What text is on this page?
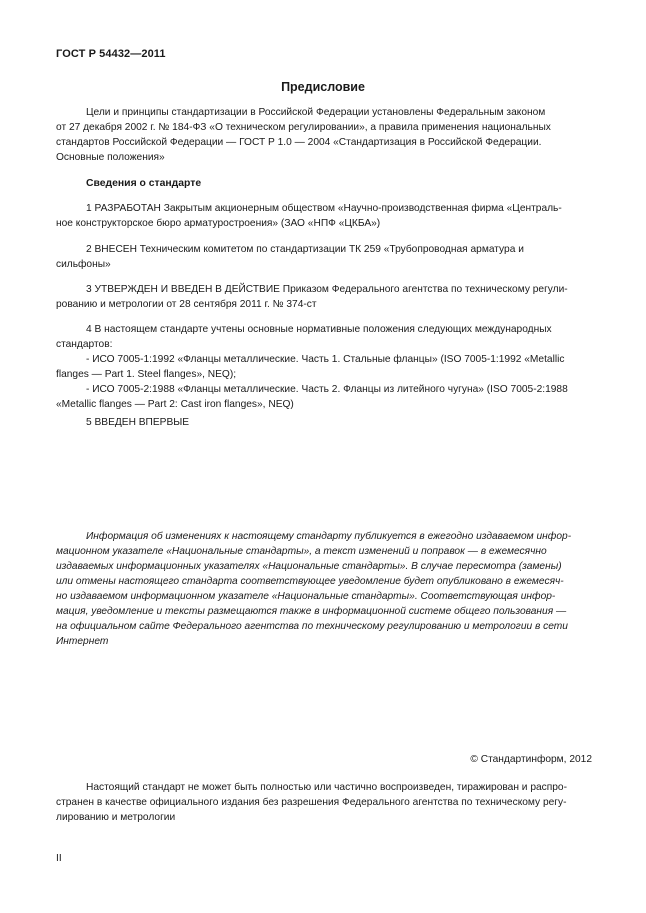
ГОСТ Р 54432—2011
Предисловие

Цели и принципы стандартизации в Российской Федерации установлены Федеральным законом

от 27 декабря 2002 г. № 184-ФЗ «О техническом регулировании», а правила применения национальных

стандартов Российской Федерации — ГОСТ Р 1.0 — 2004 «Стандартизация в Российской Федерации.

Основные положения»

Сведения о стандарте

1 РАЗРАБОТАН Закрытым акционерным обществом «Научно-производственная фирма «Централь-

ное конструкторское бюро арматуростроения» (ЗАО «НПФ «ЦКБА»)

2 ВНЕСЕН Техническим комитетом по стандартизации ТК 259 «Трубопроводная арматура и

сильфоны»

3 УТВЕРЖДЕН И ВВЕДЕН В ДЕЙСТВИЕ Приказом Федерального агентства по техническому регули-

рованию и метрологии от 28 сентября 2011 г. № 374-ст

4 В настоящем стандарте учтены основные нормативные положения следующих международных

стандартов:

- ИСО 7005-1:1992 «Фланцы металлические. Часть 1. Стальные фланцы» (ISO 7005-1:1992 «Metallic

flanges — Part 1. Steel flanges», NEQ);

- ИСО 7005-2:1988 «Фланцы металлические. Часть 2. Фланцы из литейного чугуна» (ISO 7005-2:1988

«Metallic flanges — Part 2: Cast iron flanges», NEQ)

5 ВВЕДЕН ВПЕРВЫЕ

Информация об изменениях к настоящему стандарту публикуется в ежегодно издаваемом инфор-

мационном указателе «Национальные стандарты», а текст изменений и поправок — в ежемесячно

издаваемых информационных указателях «Национальные стандарты». В случае пересмотра (замены)

или отмены настоящего стандарта соответствующее уведомление будет опубликовано в ежемесяч-

но издаваемом информационном указателе «Национальные стандарты». Соответствующая инфор-

мация, уведомление и тексты размещаются также в информационной системе общего пользования —

на официальном сайте Федерального агентства по техническому регулированию и метрологии в сети

Интернет

© Стандартинформ, 2012

Настоящий стандарт не может быть полностью или частично воспроизведен, тиражирован и распро-

странен в качестве официального издания без разрешения Федерального агентства по техническому регу-

лированию и метрологии

II
